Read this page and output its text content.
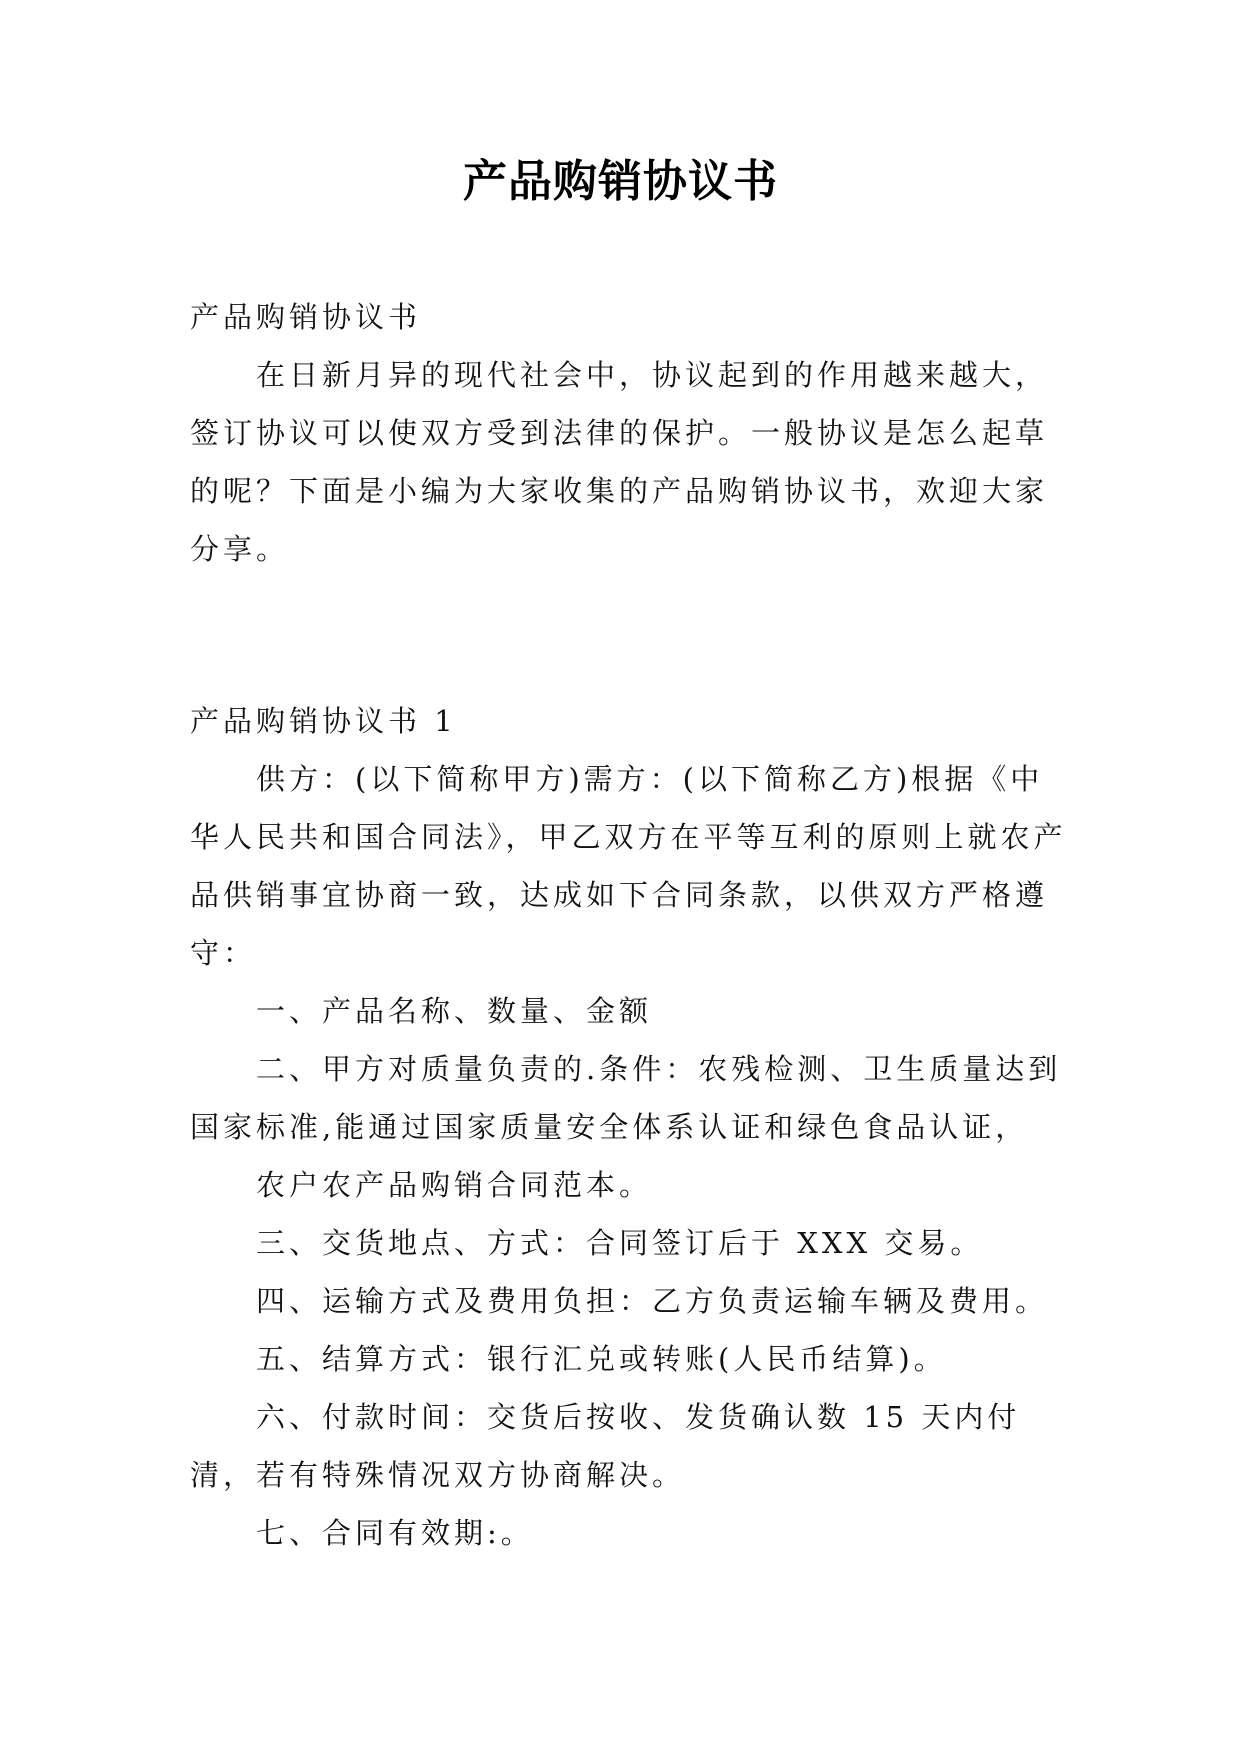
产品购销协议书

产品购销协议书

在日新月异的现代社会中，协议起到的作用越来越大，签订协议可以使双方受到法律的保护。一般协议是怎么起草的呢？下面是小编为大家收集的产品购销协议书，欢迎大家分享。

产品购销协议书 1

供方：(以下简称甲方)需方：(以下简称乙方)根据《中华人民共和国合同法》，甲乙双方在平等互利的原则上就农产品供销事宜协商一致，达成如下合同条款，以供双方严格遵守：

一、产品名称、数量、金额

二、甲方对质量负责的.条件：农残检测、卫生质量达到国家标准,能通过国家质量安全体系认证和绿色食品认证，

农户农产品购销合同范本。

三、交货地点、方式：合同签订后于 XXX 交易。

四、运输方式及费用负担：乙方负责运输车辆及费用。

五、结算方式：银行汇兑或转账(人民币结算)。

六、付款时间：交货后按收、发货确认数 15 天内付清，若有特殊情况双方协商解决。

七、合同有效期:。
